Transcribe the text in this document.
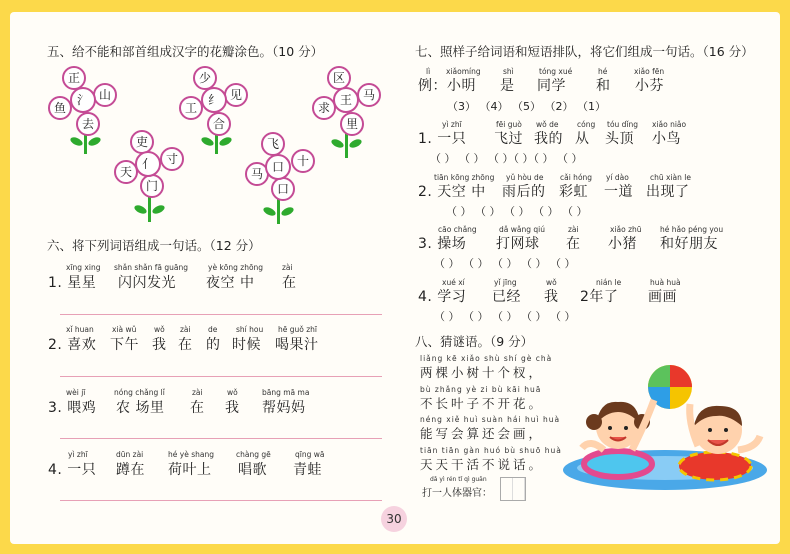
五、给不能和部首组成汉字的花瓣涂色。（10 分）
正
山
去
鱼
氵
少
见
合
工
纟
区
马
里
求
王
吏
寸
门
天
亻
飞
十
口
马 口
六、将下列词语组成一句话。（12 分）
xīng xing shǎn shǎn fā guāng	yè kōng zhōng	zài
1. 星星 闪闪发光 夜空 中 在
xǐ huan xià wǔ wǒ zài de shí hou hē guǒ zhī
2. 喜欢 下午 我 在 的 时候 喝果汁
wèi jī	nóng chǎng lǐ	zài	wǒ	bāng mā ma
3. 喂鸡 农 场里 在 我 帮妈妈
yì zhī	dūn zài	hé yè shang	chàng gē	qīng wā
4. 一只 蹲在 荷叶上 唱歌 青蛙
七、照样子给词语和短语排队，将它们组成一句话。（16 分）
lì xiǎomíng	shì	tóng xué	hé	xiǎo fēn
例：小明 是 同学 和 小芬
（3） （4） （5） （2） （1）
yì zhī	fēi guò wǒ de cóng tóu dǐng xiǎo niǎo
1. 一只 飞过 我的 从 头顶 小鸟
（ ） （ ） （ ）（ ）（ ） （ ）
tiān kōng zhōng yǔ hòu de cǎi hóng yí dào	chū xiàn le
2. 天空 中 雨后的 彩虹 一道 出现了
（ ） （ ） （ ） （ ） （ ）
cāo chǎng	dǎ wǎng qiú	zài	xiǎo zhū hé hǎo péng you
3. 操场 打网球 在 小猪 和好朋友
（ ） （ ） （ ） （ ） （ ）
xué xí	yǐ jīng	wǒ	nián le	huà huà
4. 学习 已经 我 2年了 画画
（ ） （ ） （ ） （ ） （ ）
八、猜谜语。（9 分）
liǎng kē xiǎo shù shí gè chà
两棵小树十个杈，
bù zhǎng yè zi bù kāi huā
不长叶子不开花。
néng xiě huì suàn hái huì huà
能写会算还会画，
tiān tiān gàn huó bù shuō huà
天天干活不说话。
dǎ yì rén tǐ qì guān
打一人体器官：
30
